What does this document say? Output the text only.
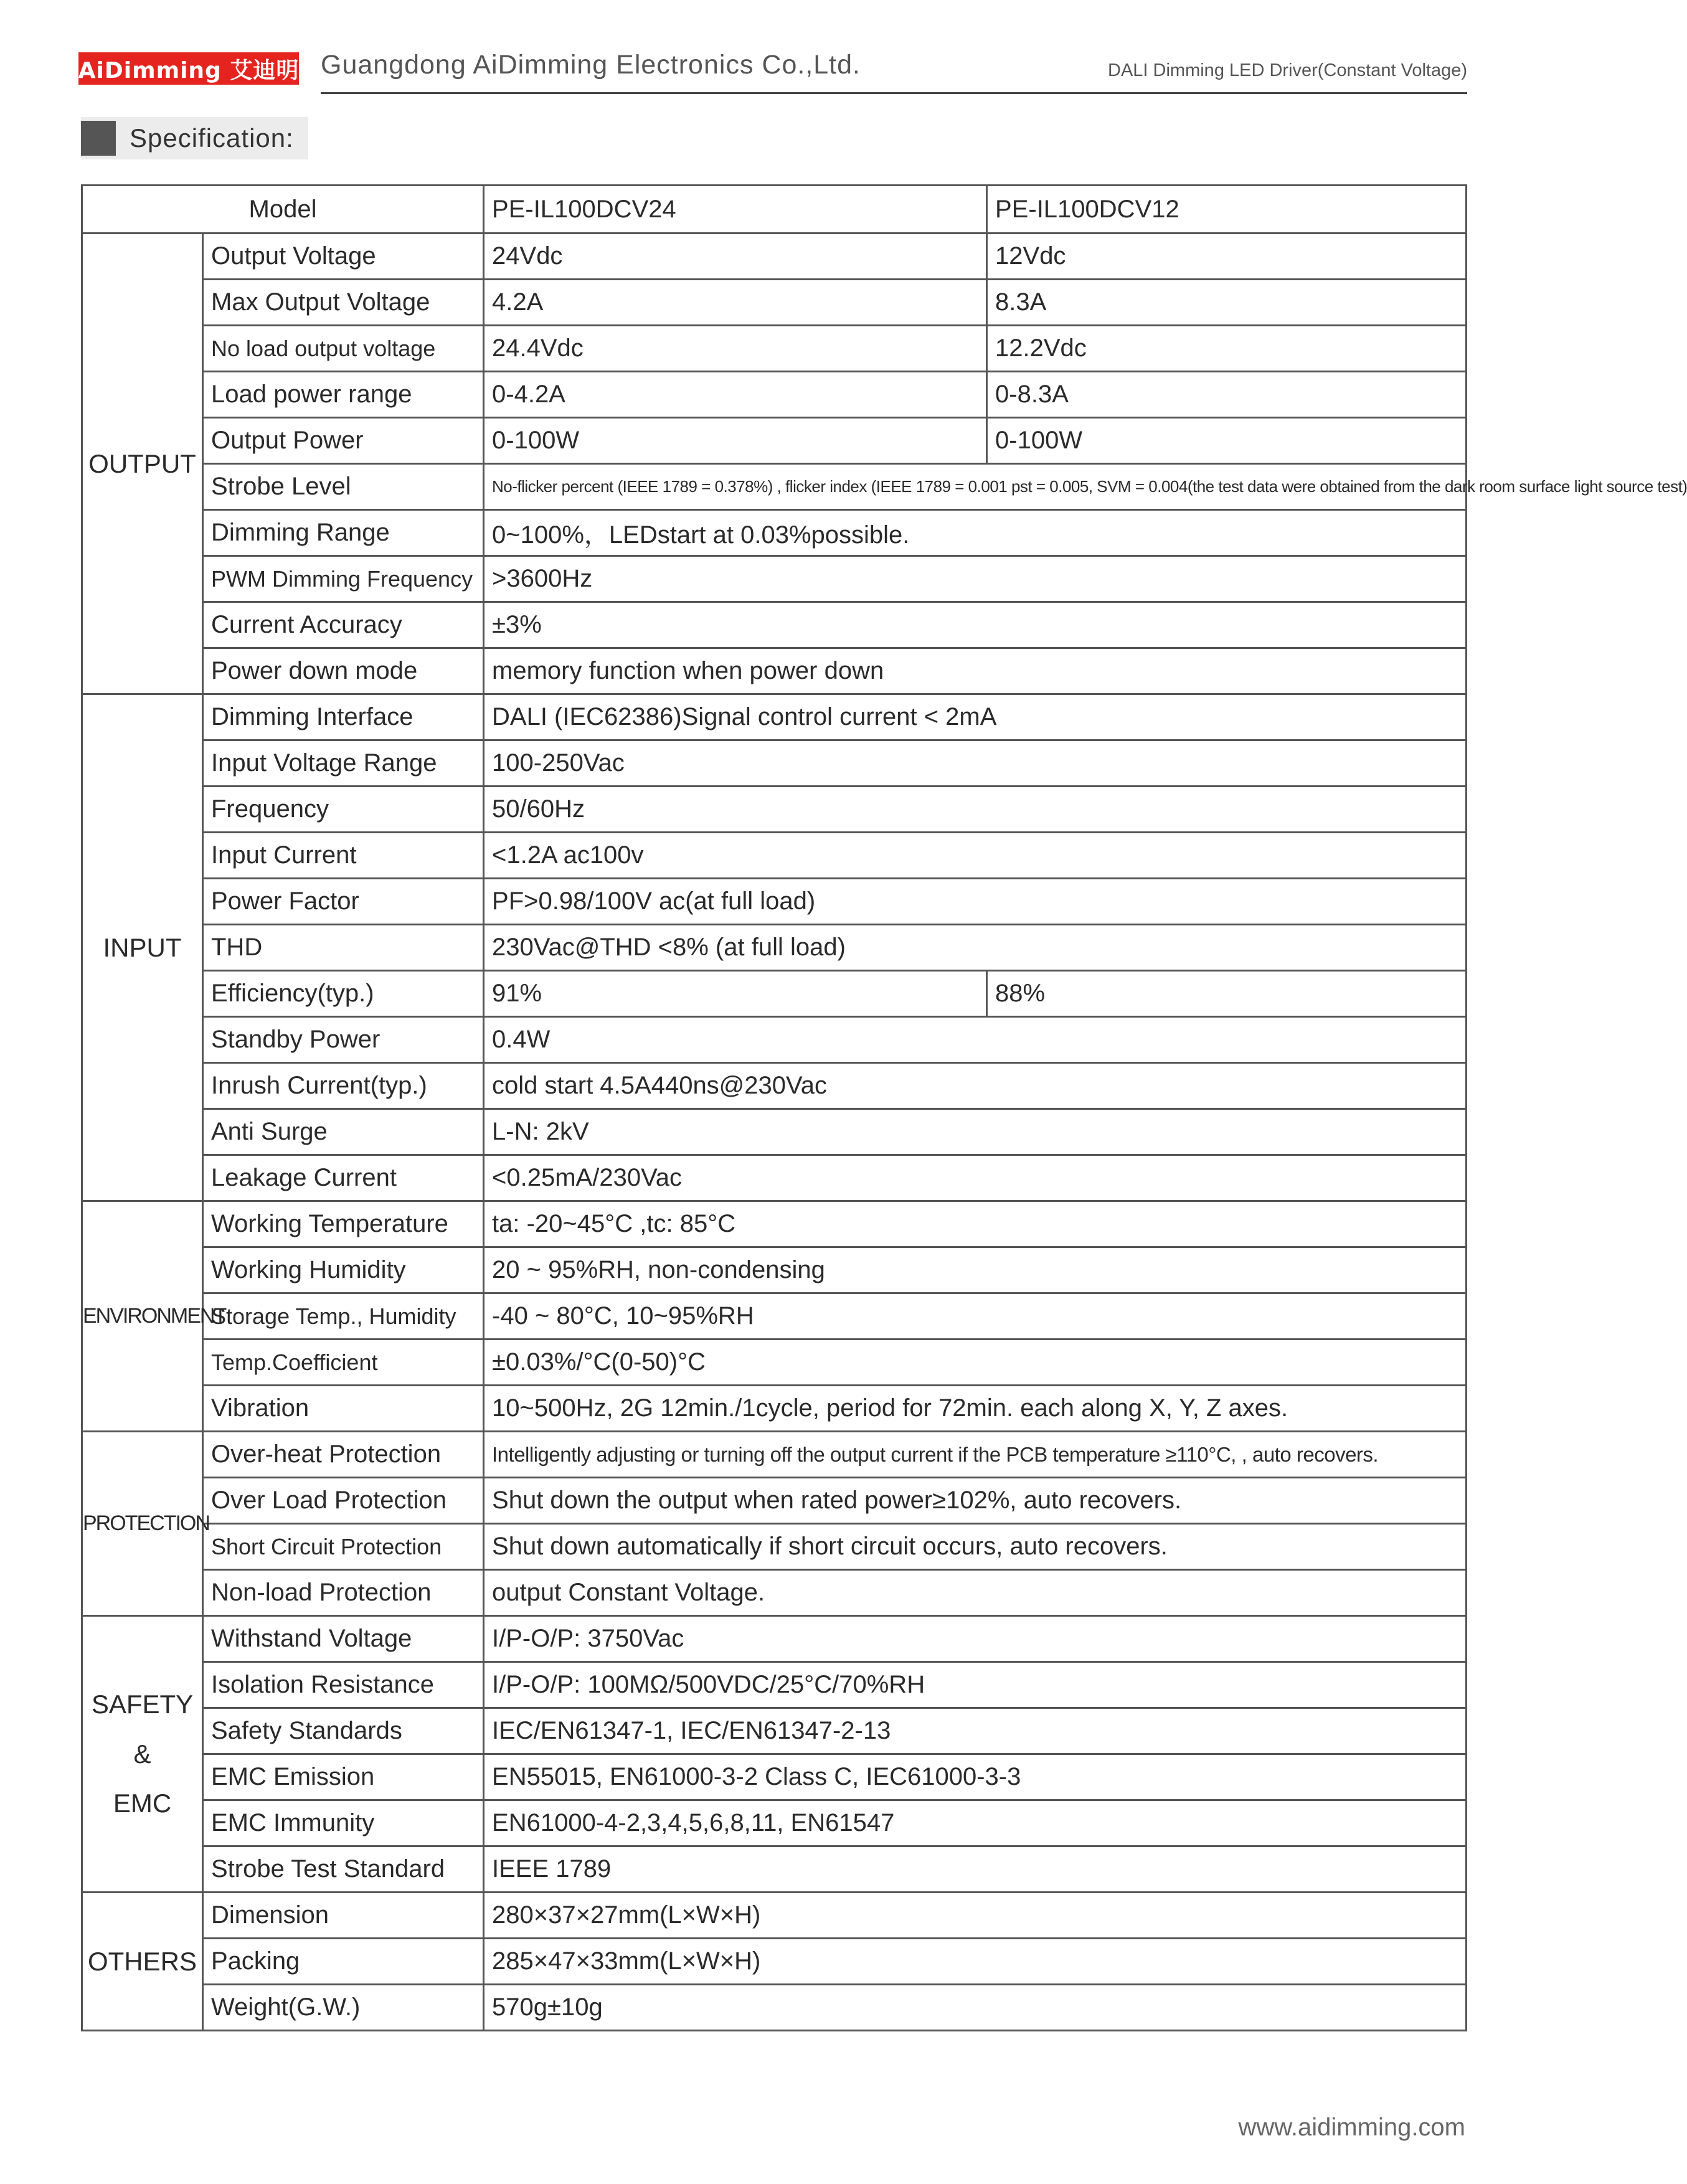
AiDimming 艾迪明 Guangdong AiDimming Electronics Co.,Ltd.	DALI Dimming LED Driver(Constant Voltage)
Specification:
Model		PE-IL100DCV24	PE-IL100DCV12
OUTPUT	Output Voltage	24Vdc	12Vdc
	Max Output Voltage	4.2A	8.3A
	No load output voltage	24.4Vdc	12.2Vdc
	Load power range	0-4.2A	0-8.3A
	Output Power	0-100W	0-100W
	Strobe Level	No-flicker percent (IEEE 1789 = 0.378%) , flicker index (IEEE 1789 = 0.001 pst = 0.005, SVM = 0.004(the test data were obtained from the dark room surface light source test)	
	Dimming Range	0~100%，LEDstart at 0.03%possible.	
	PWM Dimming Frequency	>3600Hz	
	Current Accuracy	±3%	
	Power down mode	memory function when power down	
INPUT	Dimming Interface	DALI (IEC62386)Signal control current < 2mA	
	Input Voltage Range	100-250Vac	
	Frequency	50/60Hz	
	Input Current	<1.2A ac100v	
	Power Factor	PF>0.98/100V ac(at full load)	
	THD	230Vac@THD <8% (at full load)	
	Efficiency(typ.)	91%	88%
	Standby Power	0.4W	
	Inrush Current(typ.)	cold start 4.5A440ns@230Vac	
	Anti Surge	L-N: 2kV	
	Leakage Current	<0.25mA/230Vac	
ENVIRONMENT	Working Temperature	ta: -20~45°C ,tc: 85°C	
	Working Humidity	20 ~ 95%RH, non-condensing	
	Storage Temp., Humidity	-40 ~ 80°C, 10~95%RH	
	Temp.Coefficient	±0.03%/°C(0-50)°C	
	Vibration	10~500Hz, 2G 12min./1cycle, period for 72min. each along X, Y, Z axes.	
PROTECTION	Over-heat Protection	Intelligently adjusting or turning off the output current if the PCB temperature ≥110°C, , auto recovers.	
	Over Load Protection	Shut down the output when rated power≥102%, auto recovers.	
	Short Circuit Protection	Shut down automatically if short circuit occurs, auto recovers.	
	Non-load Protection	output Constant Voltage.	

SAFETY
&
EMC	Withstand Voltage	I/P-O/P: 3750Vac	
	Isolation Resistance	I/P-O/P: 100MΩ/500VDC/25°C/70%RH	
	Safety Standards	IEC/EN61347-1, IEC/EN61347-2-13	
	EMC Emission	EN55015, EN61000-3-2 Class C, IEC61000-3-3	
	EMC Immunity	EN61000-4-2,3,4,5,6,8,11, EN61547	
	Strobe Test Standard	IEEE 1789	
OTHERS	Dimension	280×37×27mm(L×W×H)	
	Packing	285×47×33mm(L×W×H)	
	Weight(G.W.)	570g±10g	
www.aidimming.com
